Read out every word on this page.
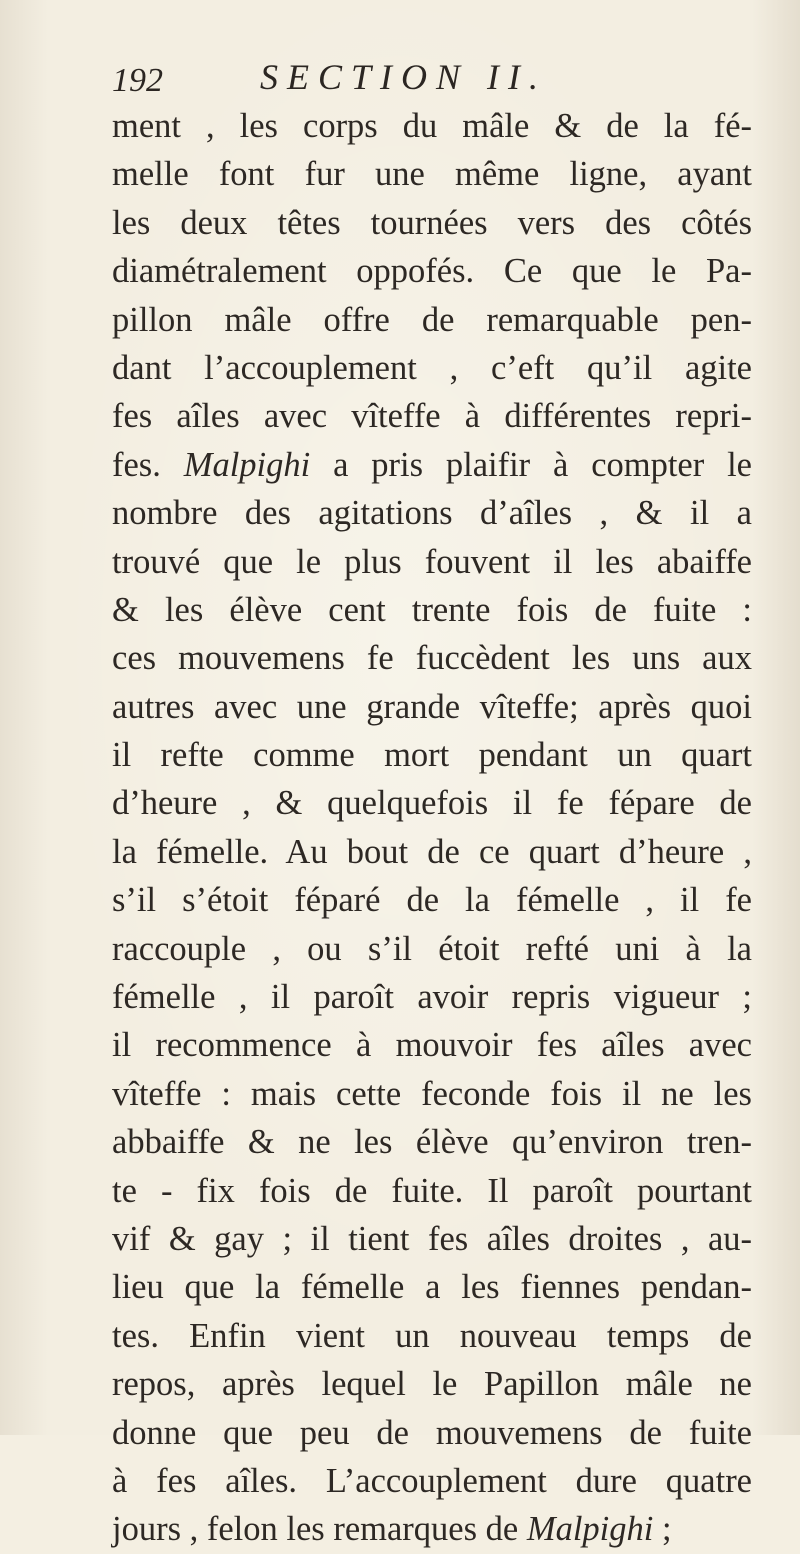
192	SECTION II.
ment , les corps du mâle & de la fé-
melle font fur une même ligne, ayant
les deux têtes tournées vers des côtés
diamétralement oppofés. Ce que le Pa-
pillon mâle offre de remarquable pen-
dant l’accouplement , c’eft qu’il agite
fes aîles avec vîteffe à différentes repri-
fes. Malpighi a pris plaifir à compter le
nombre des agitations d’aîles , & il a
trouvé que le plus fouvent il les abaiffe
& les élève cent trente fois de fuite :
ces mouvemens fe fuccèdent les uns aux
autres avec une grande vîteffe; après quoi
il refte comme mort pendant un quart
d’heure , & quelquefois il fe fépare de
la fémelle. Au bout de ce quart d’heure ,
s’il s’étoit féparé de la fémelle , il fe
raccouple , ou s’il étoit refté uni à la
fémelle , il paroît avoir repris vigueur ;
il recommence à mouvoir fes aîles avec
vîteffe : mais cette feconde fois il ne les
abbaiffe & ne les élève qu’environ tren-
te - fix fois de fuite. Il paroît pourtant
vif & gay ; il tient fes aîles droites , au-
lieu que la fémelle a les fiennes pendan-
tes. Enfin vient un nouveau temps de
repos, après lequel le Papillon mâle ne
donne que peu de mouvemens de fuite
à fes aîles. L’accouplement dure quatre
jours , felon les remarques de Malpighi ;
